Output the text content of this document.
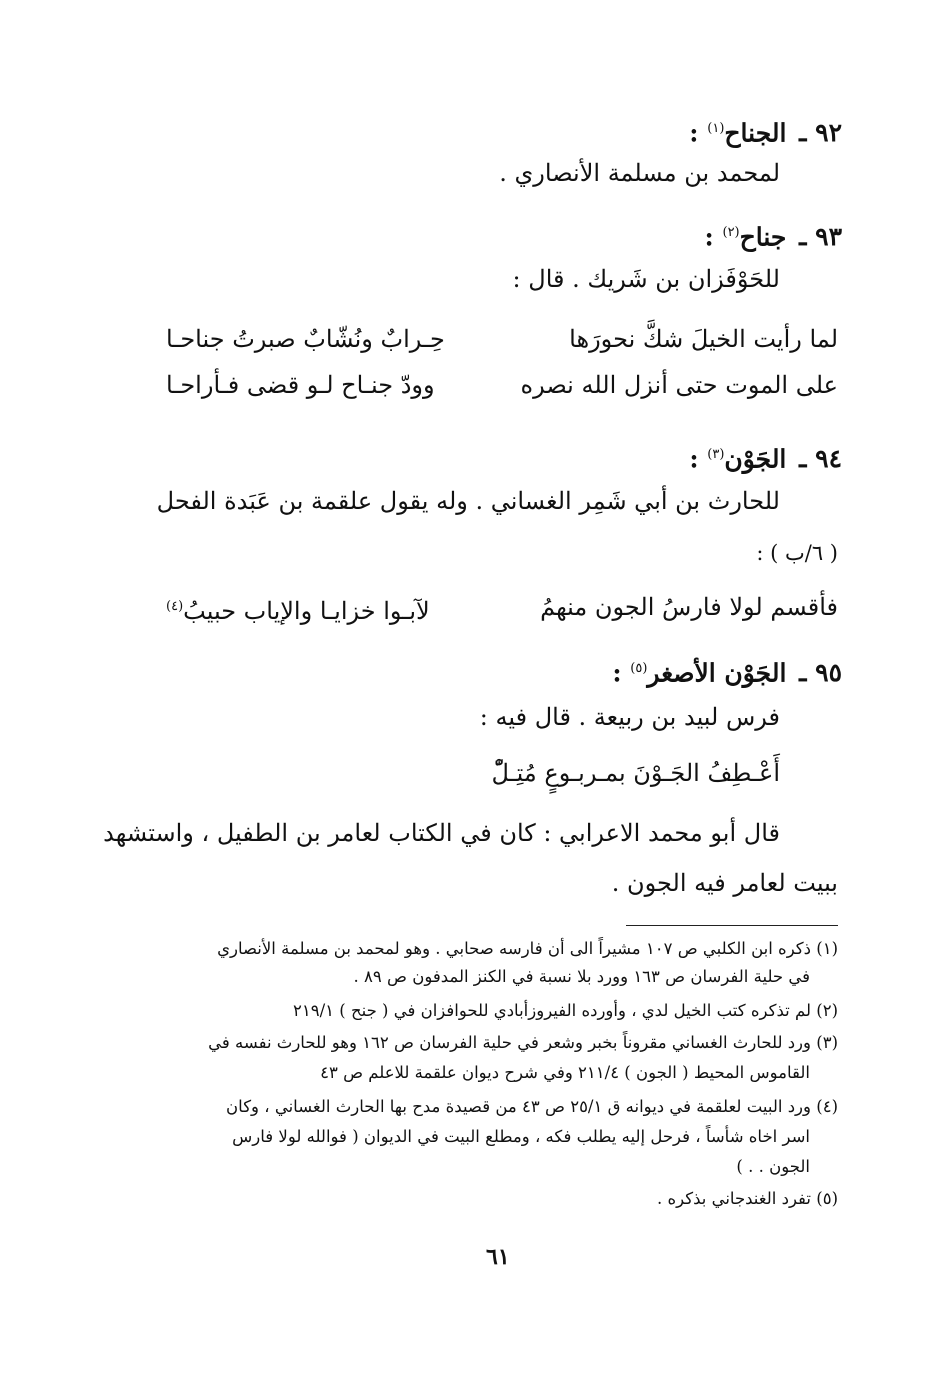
٩٢ ـ الجناح$^{(١)}$ :
لمحمد بن مسلمة الأنصاري .
٩٣ ـ جناح$^{(٢)}$ :
للحَوْفَزان بن شَريك . قال :
لما رأيت الخيلَ شكَّ نحورَها
حِـرابٌ ونُشّابٌ صبرتُ جناحـا
على الموت حتى أنزل الله نصره
وودّ جنـاح لـو قضى فـأراحـا
٩٤ ـ الجَوْن$^{(٣)}$ :
للحارث بن أبي شَمِر الغساني . وله يقول علقمة بن عَبَدة الفحل
( ٦/ب ) :
فأقسم لولا فارسُ الجون منهمُ
لآبـوا خزايـا والإياب حبيبُ$^{(٤)}$
٩٥ ـ الجَوْن الأصغر$^{(٥)}$ :
فرس لبيد بن ربيعة . قال فيه :
أَعْـطِفُ الجَـوْنَ بمـربـوعٍ مُتِـلّْ
قال أبو محمد الاعرابي : كان في الكتاب لعامر بن الطفيل ، واستشهد
ببيت لعامر فيه الجون .
(١) ذكره ابن الكلبي ص ١٠٧ مشيراً الى أن فارسه صحابي . وهو لمحمد بن مسلمة الأنصاري
في حلية الفرسان ص ١٦٣ وورد بلا نسبة في الكنز المدفون ص ٨٩ .
(٢) لم تذكره كتب الخيل لدي ، وأورده الفيروزأبادي للحوافزان في ( جنح ) ٢١٩/١
(٣) ورد للحارث الغساني مقروناً بخبر وشعر في حلية الفرسان ص ١٦٢ وهو للحارث نفسه في
القاموس المحيط ( الجون ) ٢١١/٤ وفي شرح ديوان علقمة للاعلم ص ٤٣
(٤) ورد البيت لعلقمة في ديوانه ق ٢٥/١ ص ٤٣ من قصيدة مدح بها الحارث الغساني ، وكان
اسر اخاه شأساً ، فرحل إليه يطلب فكه ، ومطلع البيت في الديوان ( فوالله لولا فارس
الجون . . )
(٥) تفرد الغندجاني بذكره .
٦١
